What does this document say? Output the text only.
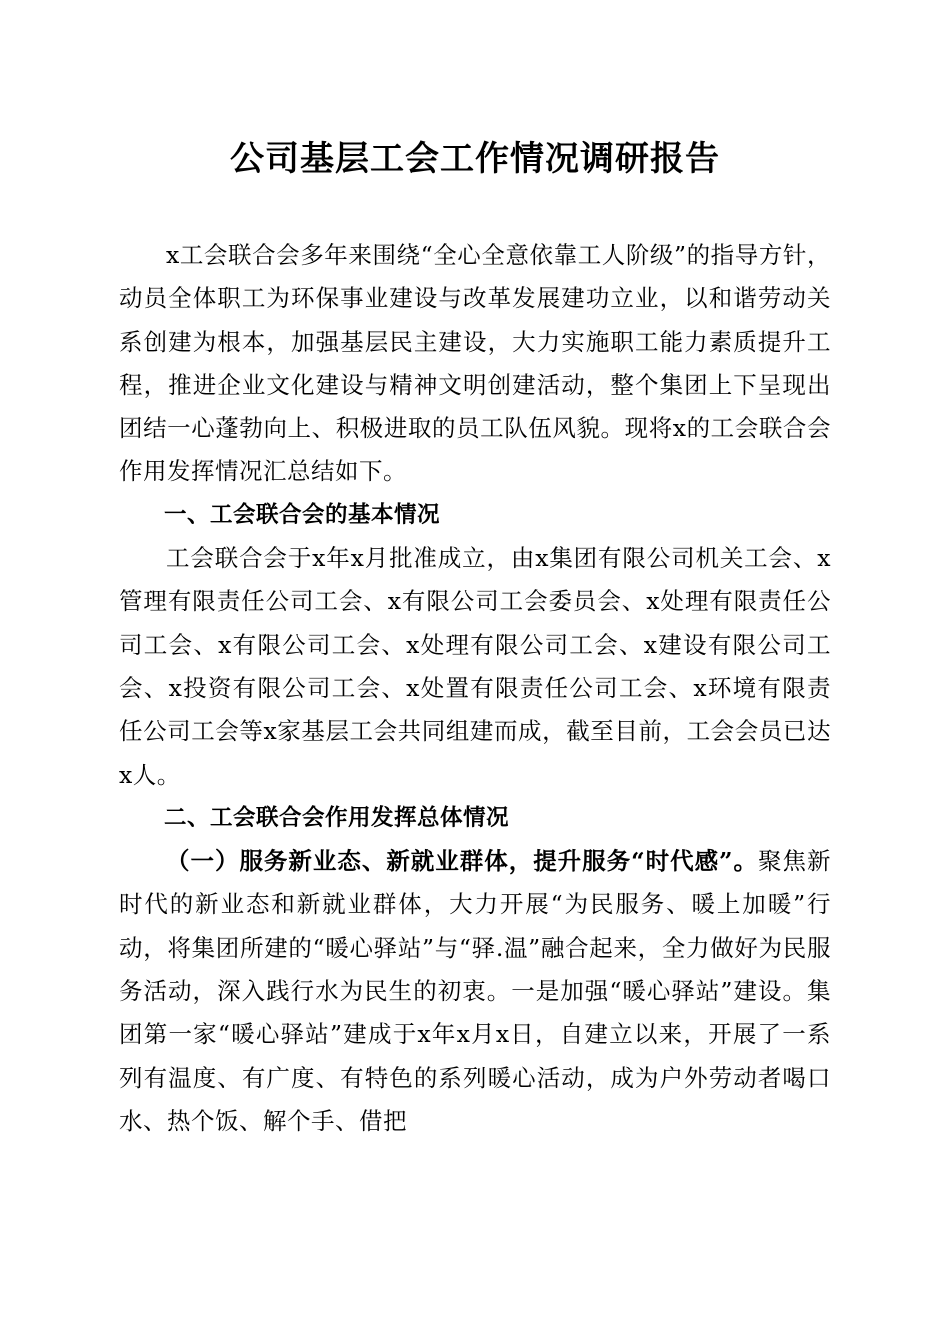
公司基层工会工作情况调研报告

x工会联合会多年来围绕“全心全意依靠工人阶级”的指导方针，动员全体职工为环保事业建设与改革发展建功立业，以和谐劳动关系创建为根本，加强基层民主建设，大力实施职工能力素质提升工程，推进企业文化建设与精神文明创建活动，整个集团上下呈现出团结一心蓬勃向上、积极进取的员工队伍风貌。现将x的工会联合会作用发挥情况汇总结如下。

一、工会联合会的基本情况

工会联合会于x年x月批准成立，由x集团有限公司机关工会、x管理有限责任公司工会、x有限公司工会委员会、x处理有限责任公司工会、x有限公司工会、x处理有限公司工会、x建设有限公司工会、x投资有限公司工会、x处置有限责任公司工会、x环境有限责任公司工会等x家基层工会共同组建而成，截至目前，工会会员已达x人。

二、工会联合会作用发挥总体情况

（一）服务新业态、新就业群体，提升服务“时代感”。聚焦新时代的新业态和新就业群体，大力开展“为民服务、暖上加暖”行动，将集团所建的“暖心驿站”与“驿.温”融合起来，全力做好为民服务活动，深入践行水为民生的初衷。一是加强“暖心驿站”建设。集团第一家“暖心驿站”建成于x年x月x日，自建立以来，开展了一系列有温度、有广度、有特色的系列暖心活动，成为户外劳动者喝口水、热个饭、解个手、借把
